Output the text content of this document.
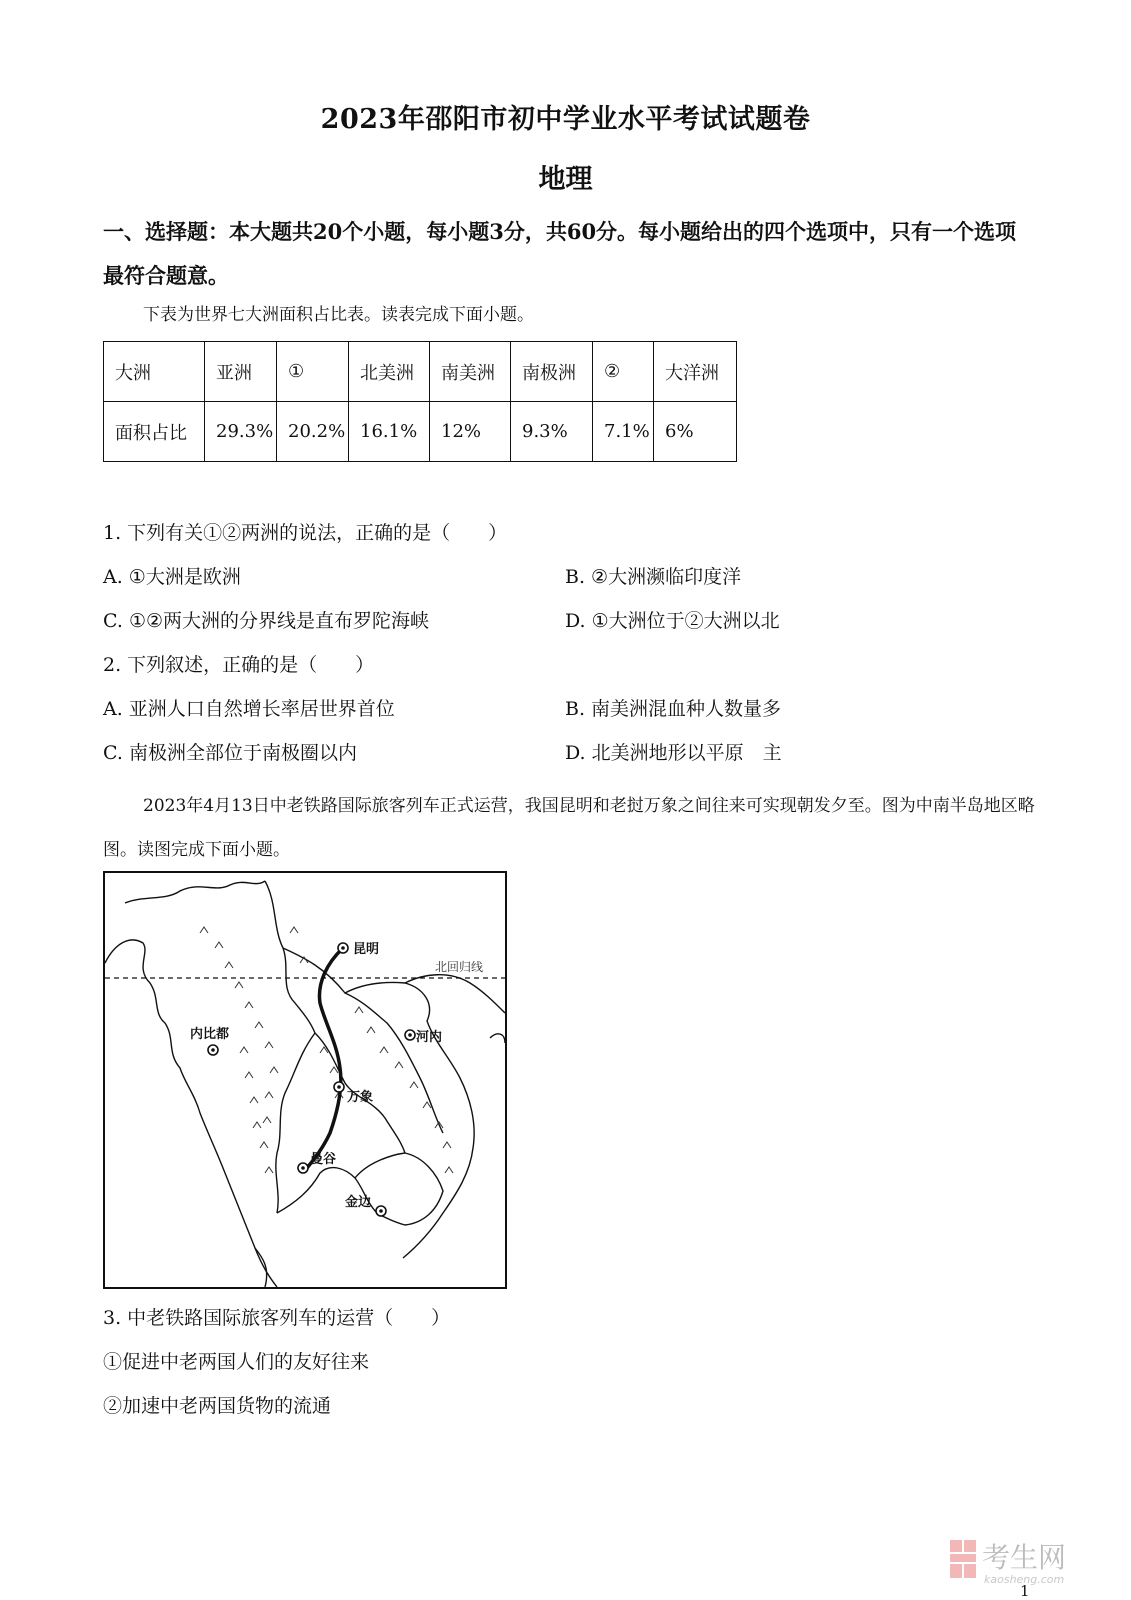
2023年邵阳市初中学业水平考试试题卷
地理
一、选择题：本大题共20个小题，每小题3分，共60分。每小题给出的四个选项中，只有一个选项最符合题意。
下表为世界七大洲面积占比表。读表完成下面小题。
大洲	亚洲	①	北美洲	南美洲	南极洲	②	大洋洲
面积占比	29.3%	20.2%	16.1%	12%	9.3%	7.1%	6%
1. 下列有关①②两洲的说法，正确的是（　　）
A. ①大洲是欧洲	B. ②大洲濒临印度洋
C. ①②两大洲的分界线是直布罗陀海峡	D. ①大洲位于②大洲以北
2. 下列叙述，正确的是（　　）
A. 亚洲人口自然增长率居世界首位	B. 南美洲混血种人数量多
C. 南极洲全部位于南极圈以内	D. 北美洲地形以平原　主
2023年4月13日中老铁路国际旅客列车正式运营，我国昆明和老挝万象之间往来可实现朝发夕至。图为中南半岛地区略图。读图完成下面小题。
昆明
内比都	河内
万象
曼谷
金边
北回归线
3. 中老铁路国际旅客列车的运营（　　）
①促进中老两国人们的友好往来
②加速中老两国货物的流通
考生网
kaosheng.com
1
